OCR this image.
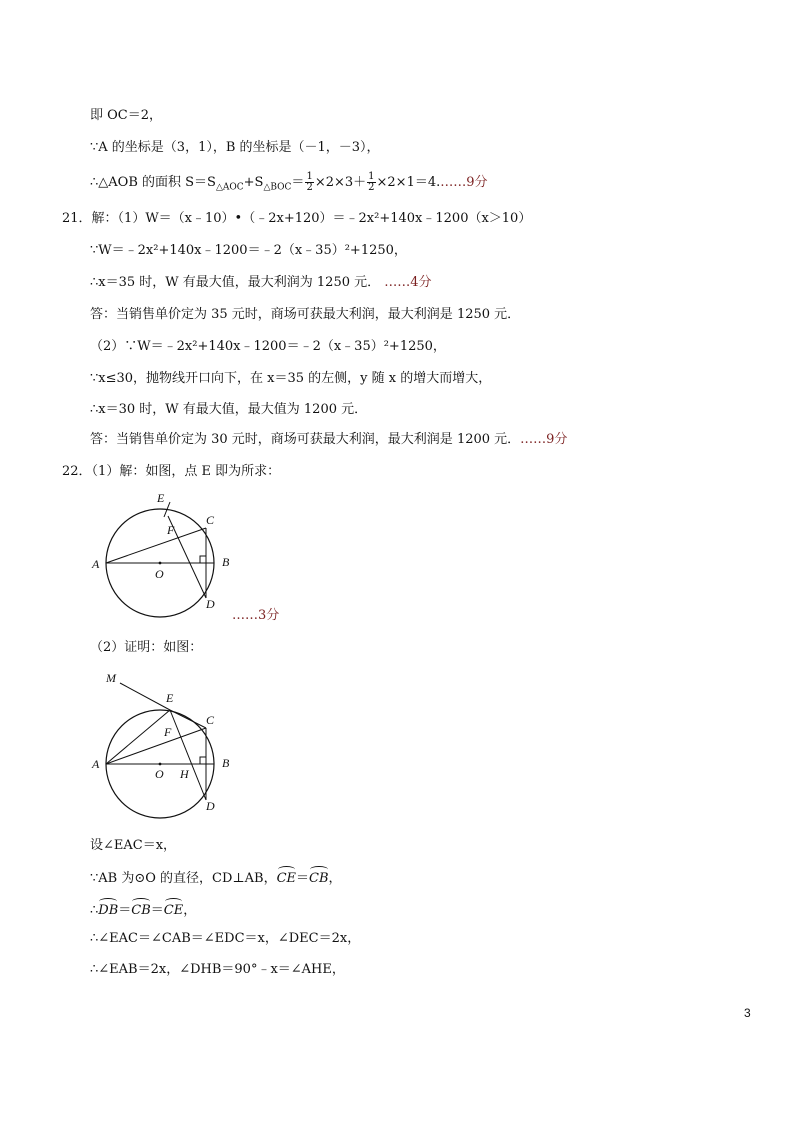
即 OC＝2，
∵A 的坐标是（3，1），B 的坐标是（－1，－3），
∴△AOB 的面积 $S=S_{\triangle AOC}+S_{\triangle BOC}= \frac{1}{2} \times 2\times 3+ \frac{1}{2}$ ×2×1＝4.……9分
21．解：（1）W＝（x﹣10）•（﹣2x+120）＝﹣2x²+140x﹣1200（x＞10）
∵W＝﹣2x²+140x﹣1200＝﹣2（x﹣35）²+1250，
∴x＝35 时，W 有最大值，最大利润为 1250 元． ……4分
答：当销售单价定为 35 元时，商场可获最大利润，最大利润是 1250 元．
（2）∵W＝﹣2x²+140x﹣1200＝﹣2（x﹣35）²+1250，
∵x≤30，抛物线开口向下，在 x＝35 的左侧，y 随 x 的增大而增大，
∴x＝30 时，W 有最大值，最大值为 1200 元．
答：当销售单价定为 30 元时，商场可获最大利润，最大利润是 1200 元．……9分
22．（1）解：如图，点 E 即为所求：
E
F
C
A
O
B
D
……3分
（2）证明：如图：
M
E
F
C
A
O H
B
D
设∠EAC＝x，
∵AB 为⊙O 的直径，CD⊥AB，CE＝CB，
∴DB＝CB＝CE，
∴∠EAC＝∠CAB＝∠EDC＝x，∠DEC＝2x，
∴∠EAB＝2x，∠DHB＝90°﹣x＝∠AHE，
3
